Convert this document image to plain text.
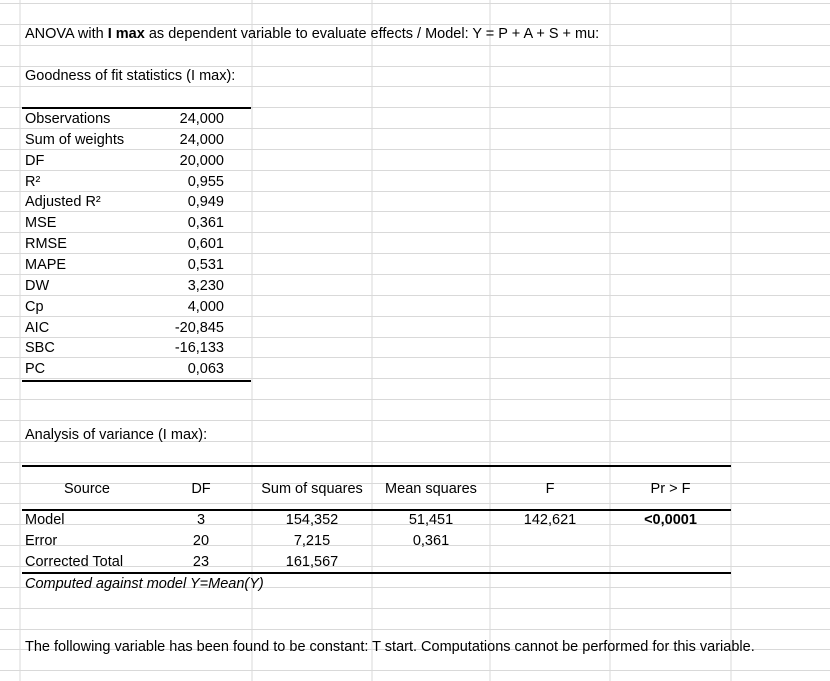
ANOVA with I max as dependent variable to evaluate effects / Model: Y = P + A + S + mu:
Goodness of fit statistics (I max):
Observations	24,000
Sum of weights	24,000
DF	20,000
R²	0,955
Adjusted R²	0,949
MSE	0,361
RMSE	0,601
MAPE	0,531
DW	3,230
Cp	4,000
AIC	-20,845
SBC	-16,133
PC	0,063
Analysis of variance (I max):
Source	DF	Sum of squares	Mean squares	F	Pr > F
Model	3	154,352	51,451	142,621	<0,0001
Error	20	7,215	0,361
Corrected Total	23	161,567
Computed against model Y=Mean(Y)
The following variable has been found to be constant: T start. Computations cannot be performed for this variable.
